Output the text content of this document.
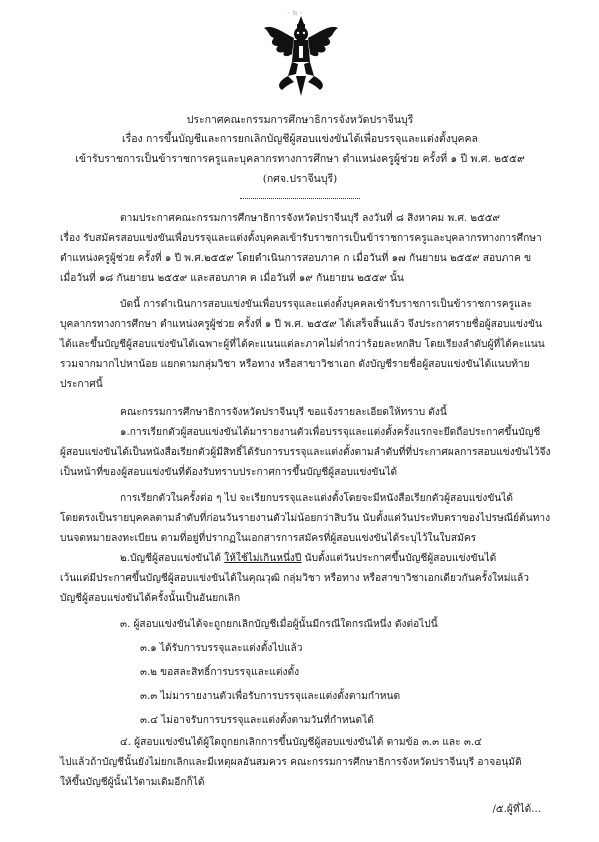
- ๒ -
ประกาศคณะกรรมการศึกษาธิการจังหวัดปราจีนบุรี
เรื่อง การขึ้นบัญชีและการยกเลิกบัญชีผู้สอบแข่งขันได้เพื่อบรรจุและแต่งตั้งบุคคล
เข้ารับราชการเป็นข้าราชการครูและบุคลากรทางการศึกษา ตำแหน่งครูผู้ช่วย ครั้งที่ ๑ ปี พ.ศ. ๒๕๕๙
(กศจ.ปราจีนบุรี)
ตามประกาศคณะกรรมการศึกษาธิการจังหวัดปราจีนบุรี ลงวันที่ ๘ สิงหาคม พ.ศ. ๒๕๕๙
เรื่อง รับสมัครสอบแข่งขันเพื่อบรรจุและแต่งตั้งบุคคลเข้ารับราชการเป็นข้าราชการครูและบุคลากรทางการศึกษา
ตำแหน่งครูผู้ช่วย ครั้งที่ ๑ ปี พ.ศ.๒๕๕๙ โดยดำเนินการสอบภาค ก เมื่อวันที่ ๑๗ กันยายน ๒๕๕๙ สอบภาค ข
เมื่อวันที่ ๑๘ กันยายน ๒๕๕๙ และสอบภาค ค เมื่อวันที่ ๑๙ กันยายน ๒๕๕๙ นั้น
บัดนี้ การดำเนินการสอบแข่งขันเพื่อบรรจุและแต่งตั้งบุคคลเข้ารับราชการเป็นข้าราชการครูและ
บุคลากรทางการศึกษา ตำแหน่งครูผู้ช่วย ครั้งที่ ๑ ปี พ.ศ. ๒๕๕๙ ได้เสร็จสิ้นแล้ว จึงประกาศรายชื่อผู้สอบแข่งขัน
ได้และขึ้นบัญชีผู้สอบแข่งขันได้เฉพาะผู้ที่ได้คะแนนแต่ละภาคไม่ต่ำกว่าร้อยละหกสิบ โดยเรียงลำดับผู้ที่ได้คะแนน
รวมจากมากไปหาน้อย แยกตามกลุ่มวิชา หรือทาง หรือสาขาวิชาเอก ดังบัญชีรายชื่อผู้สอบแข่งขันได้แนบท้าย
ประกาศนี้
คณะกรรมการศึกษาธิการจังหวัดปราจีนบุรี ขอแจ้งรายละเอียดให้ทราบ ดังนี้
๑.การเรียกตัวผู้สอบแข่งขันได้มารายงานตัวเพื่อบรรจุและแต่งตั้งครั้งแรกจะยึดถือประกาศขึ้นบัญชี
ผู้สอบแข่งขันได้เป็นหนังสือเรียกตัวผู้มีสิทธิ์ได้รับการบรรจุและแต่งตั้งตามลำดับที่ที่ประกาศผลการสอบแข่งขันไว้จึง
เป็นหน้าที่ของผู้สอบแข่งขันที่ต้องรับทราบประกาศการขึ้นบัญชีผู้สอบแข่งขันได้
การเรียกตัวในครั้งต่อ ๆ ไป จะเรียกบรรจุและแต่งตั้งโดยจะมีหนังสือเรียกตัวผู้สอบแข่งขันได้
โดยตรงเป็นรายบุคคลตามลำดับที่ก่อนวันรายงานตัวไม่น้อยกว่าสิบวัน นับตั้งแต่วันประทับตราของไปรษณีย์ต้นทาง
บนจดหมายลงทะเบียน ตามที่อยู่ที่ปรากฏในเอกสารการสมัครที่ผู้สอบแข่งขันได้ระบุไว้ในใบสมัคร
๒.บัญชีผู้สอบแข่งขันได้ ให้ใช้ไม่เกินหนึ่งปี นับตั้งแต่วันประกาศขึ้นบัญชีผู้สอบแข่งขันได้
เว้นแต่มีประกาศขึ้นบัญชีผู้สอบแข่งขันได้ในคุณวุฒิ กลุ่มวิชา หรือทาง หรือสาขาวิชาเอกเดียวกันครั้งใหม่แล้ว
บัญชีผู้สอบแข่งขันได้ครั้งนั้นเป็นอันยกเลิก
๓. ผู้สอบแข่งขันได้จะถูกยกเลิกบัญชีเมื่อผู้นั้นมีกรณีใดกรณีหนึ่ง ดังต่อไปนี้
๓.๑ ได้รับการบรรจุและแต่งตั้งไปแล้ว
๓.๒ ขอสละสิทธิ์การบรรจุและแต่งตั้ง
๓.๓ ไม่มารายงานตัวเพื่อรับการบรรจุและแต่งตั้งตามกำหนด
๓.๔ ไม่อาจรับการบรรจุและแต่งตั้งตามวันที่กำหนดได้
๔. ผู้สอบแข่งขันได้ผู้ใดถูกยกเลิกการขึ้นบัญชีผู้สอบแข่งขันได้ ตามข้อ ๓.๓ และ ๓.๔
ไปแล้วถ้าบัญชีนั้นยังไม่ยกเลิกและมีเหตุผลอันสมควร คณะกรรมการศึกษาธิการจังหวัดปราจีนบุรี อาจอนุมัติ
ให้ขึ้นบัญชีผู้นั้นไว้ตามเดิมอีกก็ได้
/๕.ผู้ที่ได้...
